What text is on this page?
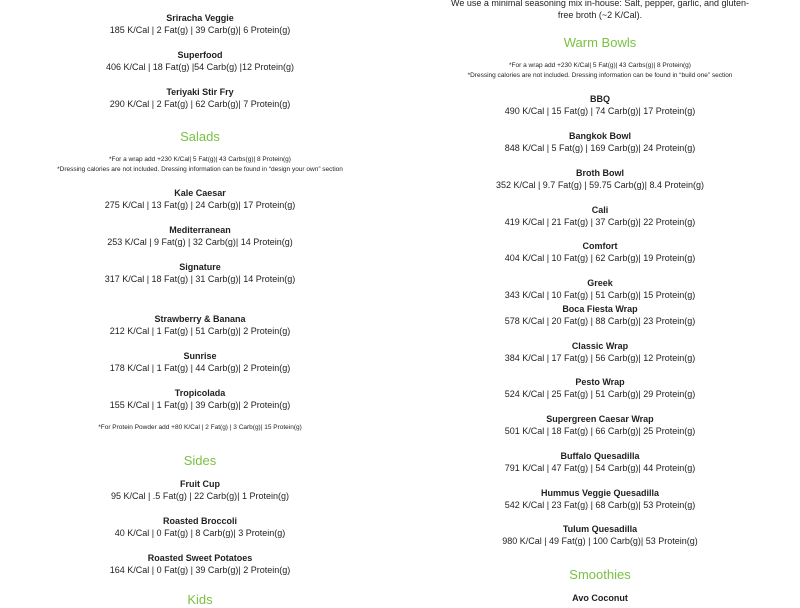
Sriracha Veggie
185 K/Cal | 2 Fat(g) | 39 Carb(g)| 6 Protein(g)
Superfood
406 K/Cal | 18 Fat(g) |54 Carb(g) |12 Protein(g)
Teriyaki Stir Fry
290 K/Cal | 2 Fat(g) | 62 Carb(g)| 7 Protein(g)
Salads
*For a wrap add +230 K/Cal| 5 Fat(g)| 43 Carbs(g)| 8 Protein(g)
*Dressing calories are not included. Dressing information can be found in “design your own” section
Kale Caesar
275 K/Cal | 13 Fat(g) | 24 Carb(g)| 17 Protein(g)
Mediterranean
253 K/Cal | 9 Fat(g) | 32 Carb(g)| 14 Protein(g)
Signature
317 K/Cal | 18 Fat(g) | 31 Carb(g)| 14 Protein(g)
Strawberry & Banana
212 K/Cal | 1 Fat(g) | 51 Carb(g)| 2 Protein(g)
Sunrise
178 K/Cal | 1 Fat(g) | 44 Carb(g)| 2 Protein(g)
Tropicolada
155 K/Cal | 1 Fat(g) | 39 Carb(g)| 2 Protein(g)
*For Protein Powder add +80 K/Cal | 2 Fat(g) | 3 Carb(g)| 15 Protein(g)
Sides
Fruit Cup
95 K/Cal | .5 Fat(g) | 22 Carb(g)| 1 Protein(g)
Roasted Broccoli
40 K/Cal | 0 Fat(g) | 8 Carb(g)| 3 Protein(g)
Roasted Sweet Potatoes
164 K/Cal | 0 Fat(g) | 39 Carb(g)| 2 Protein(g)
Kids
We use a minimal seasoning mix in-house: Salt, pepper, garlic, and gluten-free broth (~2 K/Cal).
Warm Bowls
*For a wrap add +230 K/Cal| 5 Fat(g)| 43 Carbs(g)| 8 Protein(g)
*Dressing calories are not included. Dressing information can be found in “build one” section
BBQ
490 K/Cal | 15 Fat(g) | 74 Carb(g)| 17 Protein(g)
Bangkok Bowl
848 K/Cal | 5 Fat(g) | 169 Carb(g)| 24 Protein(g)
Broth Bowl
352 K/Cal | 9.7 Fat(g) | 59.75 Carb(g)| 8.4 Protein(g)
Cali
419 K/Cal | 21 Fat(g) | 37 Carb(g)| 22 Protein(g)
Comfort
404 K/Cal | 10 Fat(g) | 62 Carb(g)| 19 Protein(g)
Greek
343 K/Cal | 10 Fat(g) | 51 Carb(g)| 15 Protein(g)
Boca Fiesta Wrap
578 K/Cal | 20 Fat(g) | 88 Carb(g)| 23 Protein(g)
Classic Wrap
384 K/Cal | 17 Fat(g) | 56 Carb(g)| 12 Protein(g)
Pesto Wrap
524 K/Cal | 25 Fat(g) | 51 Carb(g)| 29 Protein(g)
Supergreen Caesar Wrap
501 K/Cal | 18 Fat(g) | 66 Carb(g)| 25 Protein(g)
Buffalo Quesadilla
791 K/Cal | 47 Fat(g) | 54 Carb(g)| 44 Protein(g)
Hummus Veggie Quesadilla
542 K/Cal | 23 Fat(g) | 68 Carb(g)| 53 Protein(g)
Tulum Quesadilla
980 K/Cal | 49 Fat(g) | 100 Carb(g)| 53 Protein(g)
Smoothies
Avo Coconut
